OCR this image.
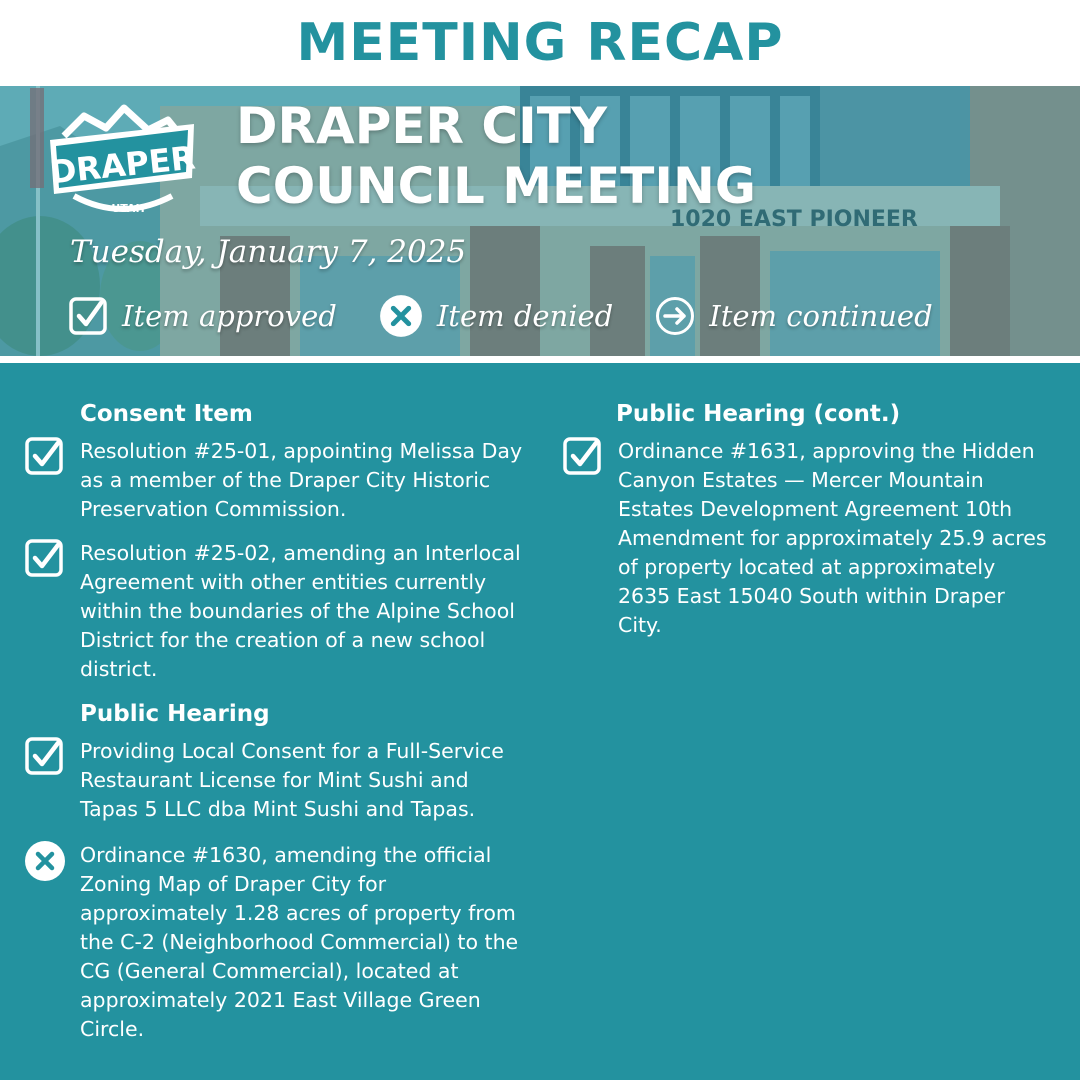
MEETING RECAP
1020 EAST PIONEER
DRAPER
UTAH
DRAPER CITY COUNCIL MEETING
Tuesday, January 7, 2025
Item approved	Item denied	Item continued
Consent Item
Resolution #25-01, appointing Melissa Day as a member of the Draper City Historic Preservation Commission.
Resolution #25-02, amending an Interlocal Agreement with other entities currently within the boundaries of the Alpine School District for the creation of a new school district.
Public Hearing
Providing Local Consent for a Full-Service Restaurant License for Mint Sushi and Tapas 5 LLC dba Mint Sushi and Tapas.
Ordinance #1630, amending the official Zoning Map of Draper City for approximately 1.28 acres of property from the C-2 (Neighborhood Commercial) to the CG (General Commercial), located at approximately 2021 East Village Green Circle.
Public Hearing (cont.)
Ordinance #1631, approving the Hidden Canyon Estates — Mercer Mountain Estates Development Agreement 10th Amendment for approximately 25.9 acres of property located at approximately 2635 East 15040 South within Draper City.
